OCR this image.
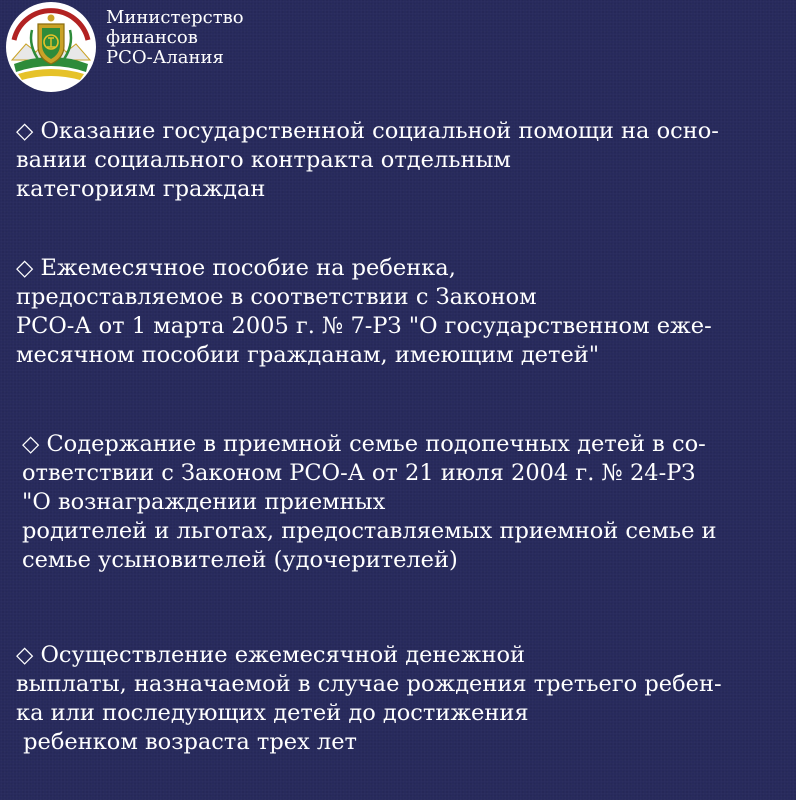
Министерство
финансов
РСО-Алания
◇ Оказание государственной социальной помощи на осно-
вании социального контракта отдельным
категориям граждан
◇ Ежемесячное пособие на ребенка,
предоставляемое в соответствии с Законом
РСО-А от 1 марта 2005 г. № 7-РЗ "О государственном еже-
месячном пособии гражданам, имеющим детей"
◇ Содержание в приемной семье подопечных детей в со-
ответствии с Законом РСО-А от 21 июля 2004 г. № 24-РЗ
"О вознаграждении приемных
родителей и льготах, предоставляемых приемной семье и
семье усыновителей (удочерителей)
◇ Осуществление ежемесячной денежной
выплаты, назначаемой в случае рождения третьего ребен-
ка или последующих детей до достижения
ребенком возраста трех лет
